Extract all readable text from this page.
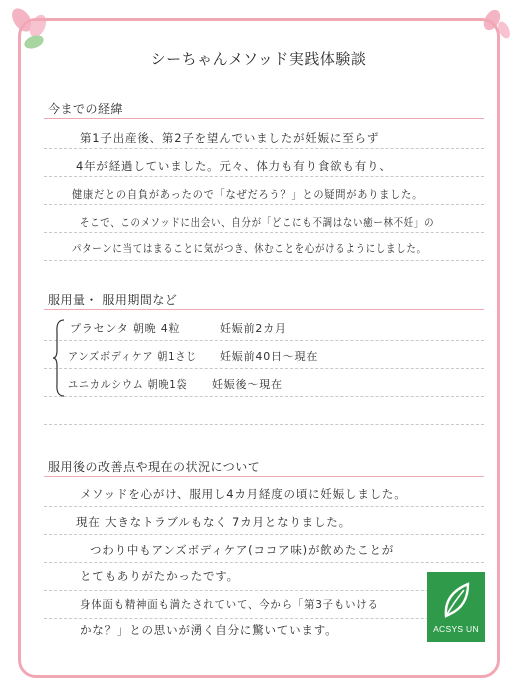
シーちゃんメソッド実践体験談
今までの経緯
第1子出産後、第2子を望んでいましたが妊娠に至らず
4年が経過していました。元々、体力も有り食欲も有り、
健康だとの自負があったので「なぜだろう？」との疑問がありました。
そこで、このメソッドに出会い、自分が「どこにも不調はない癒ー林不妊」の
パターンに当てはまることに気がつき、休むことを心がけるようにしました。
服用量・ 服用期間など
プラセンタ 朝晩 4粒	妊娠前2カ月
アンズボディケア 朝1さじ 妊娠前40日〜現在
ユニカルシウム 朝晩1袋 妊娠後〜現在
服用後の改善点や現在の状況について
メソッドを心がけ、服用し4カ月経度の頃に妊娠しました。
現在 大きなトラブルもなく 7カ月となりました。
つわり中もアンズボディケア(ココア味)が飲めたことが
とてもありがたかったです。
身体面も精神面も満たされていて、今から「第3子もいける
かな？」との思いが湧く自分に驚いています。	ACSYS UN
